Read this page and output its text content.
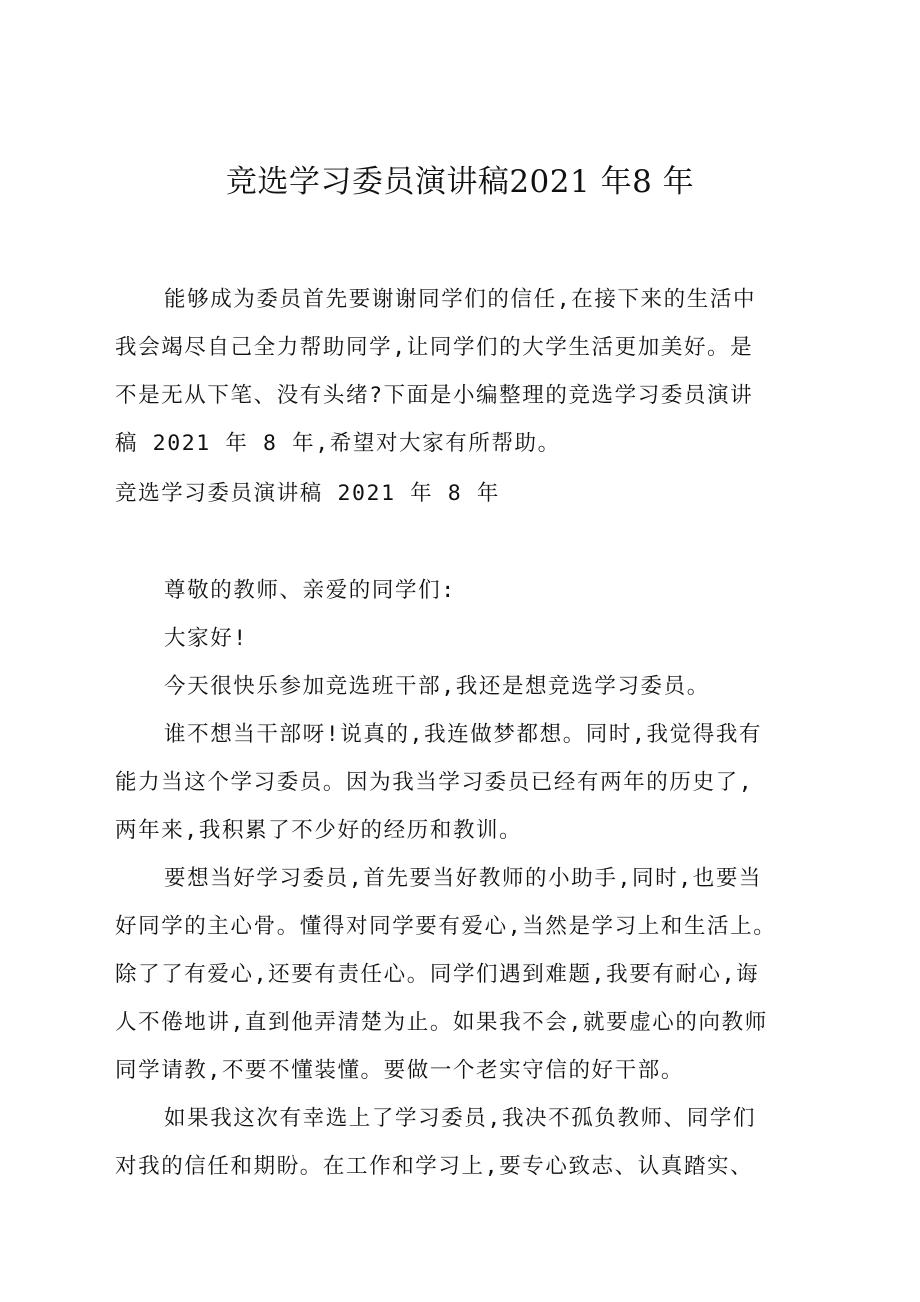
竞选学习委员演讲稿2021 年8 年
能够成为委员首先要谢谢同学们的信任,在接下来的生活中
我会竭尽自己全力帮助同学,让同学们的大学生活更加美好。是
不是无从下笔、没有头绪?下面是小编整理的竞选学习委员演讲
稿 2021 年 8 年,希望对大家有所帮助。
竞选学习委员演讲稿 2021 年 8 年
尊敬的教师、亲爱的同学们:
大家好!
今天很快乐参加竞选班干部,我还是想竞选学习委员。
谁不想当干部呀!说真的,我连做梦都想。同时,我觉得我有
能力当这个学习委员。因为我当学习委员已经有两年的历史了,
两年来,我积累了不少好的经历和教训。
要想当好学习委员,首先要当好教师的小助手,同时,也要当
好同学的主心骨。懂得对同学要有爱心,当然是学习上和生活上。
除了了有爱心,还要有责任心。同学们遇到难题,我要有耐心,诲
人不倦地讲,直到他弄清楚为止。如果我不会,就要虚心的向教师
同学请教,不要不懂装懂。要做一个老实守信的好干部。
如果我这次有幸选上了学习委员,我决不孤负教师、同学们
对我的信任和期盼。在工作和学习上,要专心致志、认真踏实、
